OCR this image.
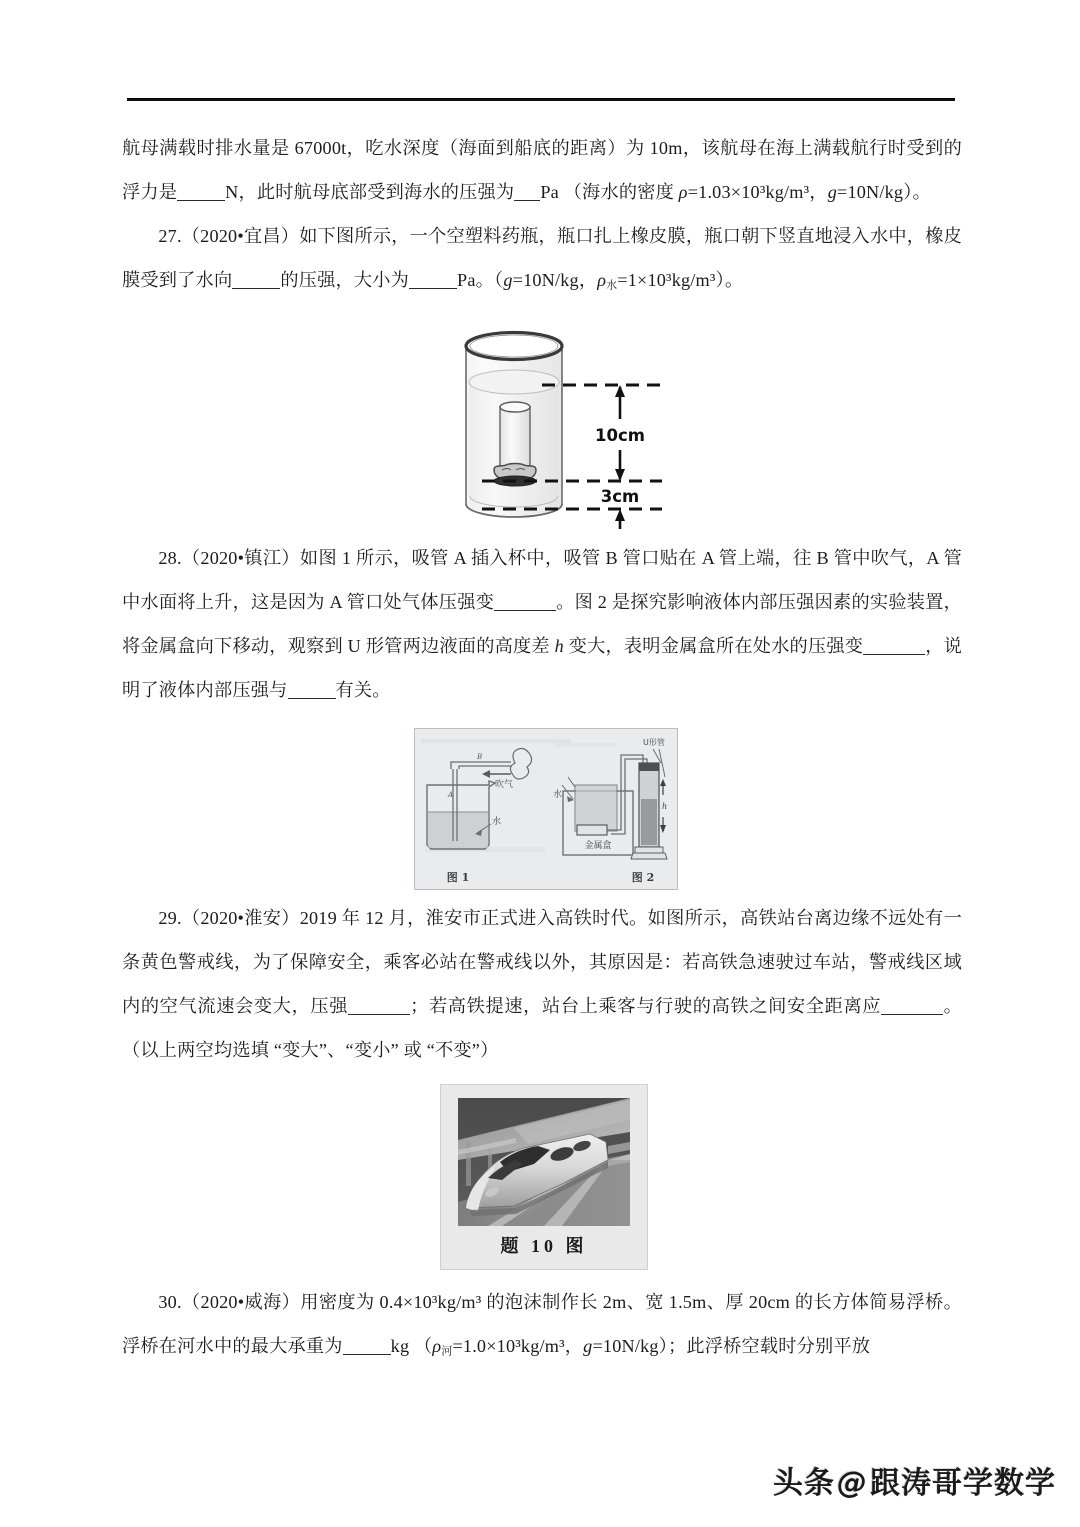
航母满载时排水量是 67000t，吃水深度（海面到船底的距离）为 10m，该航母在海上满载航行时受到的浮力是	N，此时航母底部受到海水的压强为 Pa （海水的密度 ρ=1.03×10³kg/m³，g=10N/kg）。

27.（2020•宜昌）如下图所示，一个空塑料药瓶，瓶口扎上橡皮膜，瓶口朝下竖直地浸入水中，橡皮膜受到了水向	的压强，大小为	Pa。（g=10N/kg，$\rho_水=1\times 10^3kg/m^3$）。

10cm
3cm

28.（2020•镇江）如图 1 所示，吸管 A 插入杯中，吸管 B 管口贴在 A 管上端，往 B 管中吹气，A 管中水面将上升，这是因为 A 管口处气体压强变	。图 2 是探究影响液体内部压强因素的实验装置，将金属盒向下移动，观察到 U 形管两边液面的高度差 h 变大，表明金属盒所在处水的压强变	，说明了液体内部压强与	有关。

A
B
吹气
水
图 1
金属盒
水
h
U形管
图 2

29.（2020•淮安）2019 年 12 月，淮安市正式进入高铁时代。如图所示，高铁站台离边缘不远处有一条黄色警戒线，为了保障安全，乘客必站在警戒线以外，其原因是：若高铁急速驶过车站，警戒线区域内的空气流速会变大，压强	；若高铁提速，站台上乘客与行驶的高铁之间安全距离应	。（以上两空均选填 “变大”、“变小” 或 “不变”）

题 10 图

30.（2020•威海）用密度为 0.4×10³kg/m³ 的泡沫制作长 2m、宽 1.5m、厚 20cm 的长方体简易浮桥。浮桥在河水中的最大承重为	kg （$\rho_河=1.0\times 10^3kg/m^3$，g=10N/kg）；此浮桥空载时分别平放

头条@跟涛哥学数学
